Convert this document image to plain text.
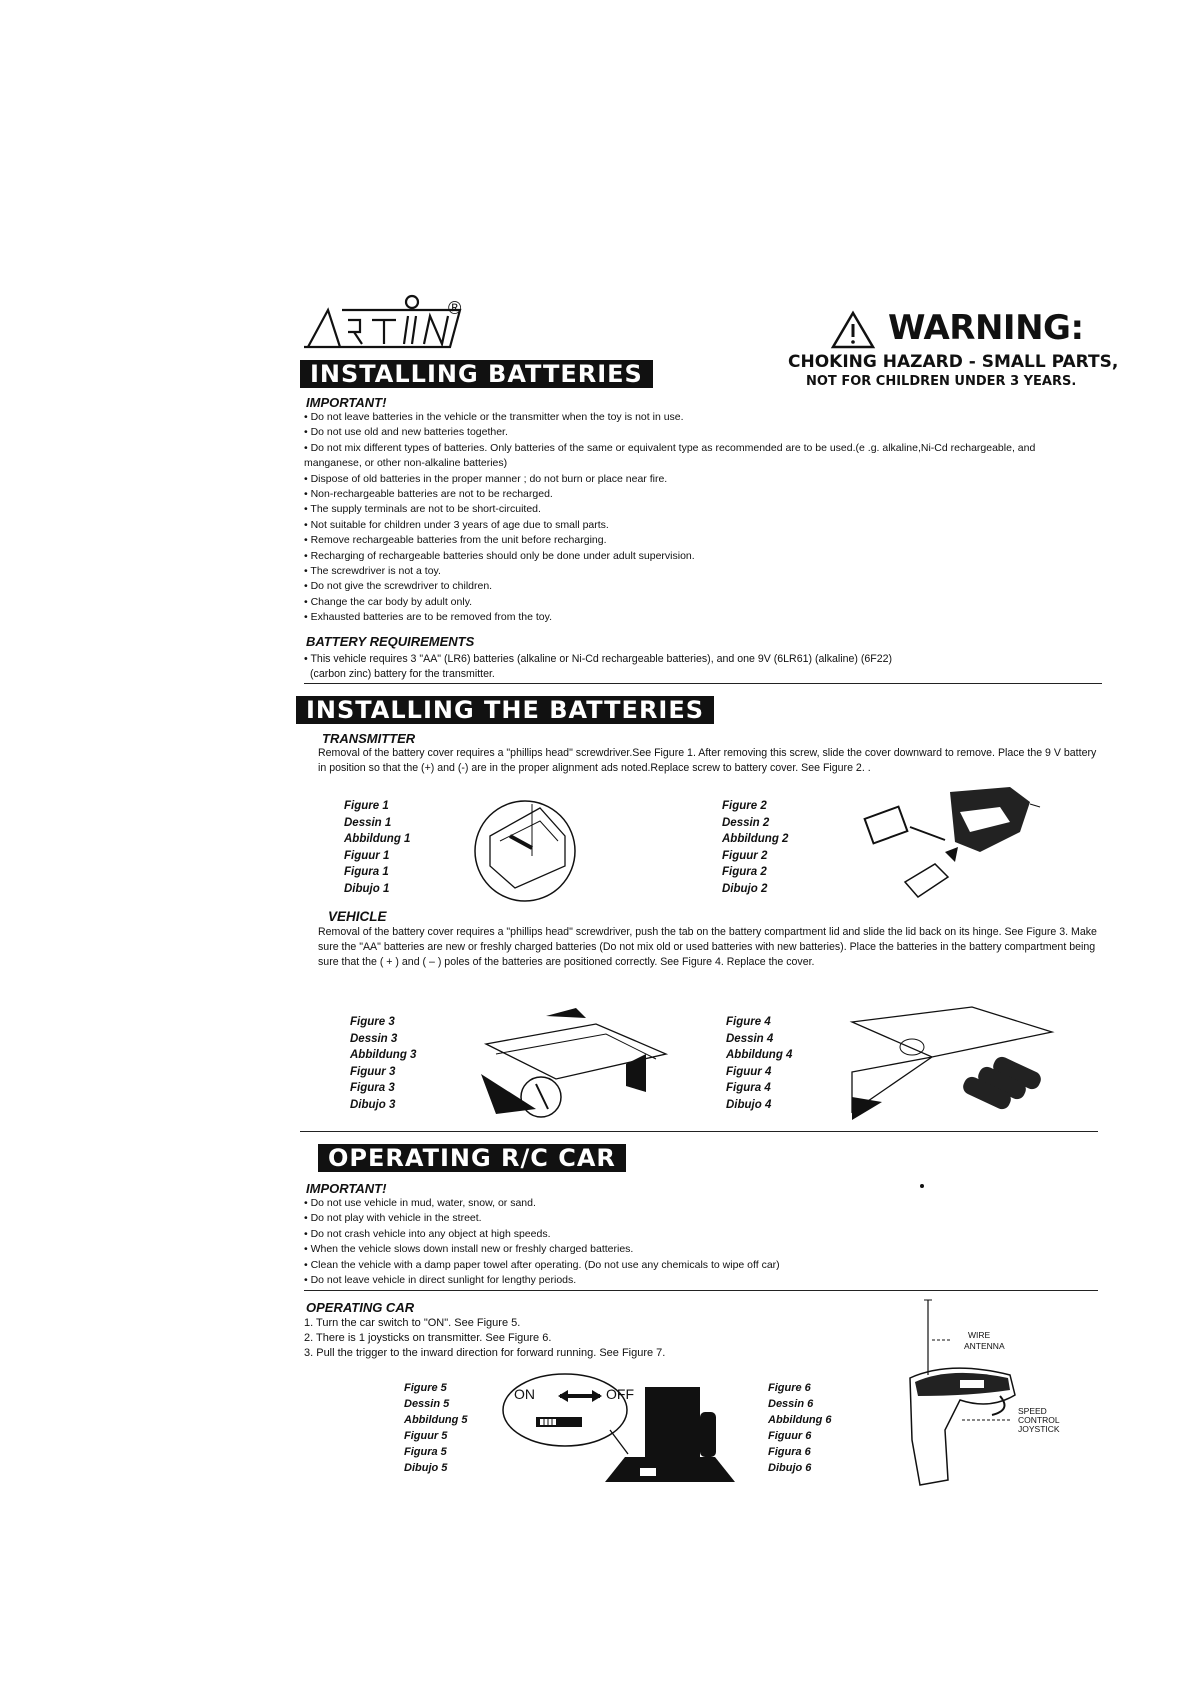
®	WARNING:
CHOKING HAZARD - SMALL PARTS,
NOT FOR CHILDREN UNDER 3 YEARS.
INSTALLING BATTERIES
IMPORTANT!
• Do not leave batteries in the vehicle or the transmitter when the toy is not in use.
• Do not use old and new batteries together.
• Do not mix different types of batteries. Only batteries of the same or equivalent type as recommended are to be used.(e .g. alkaline,Ni-Cd rechargeable, and manganese, or other non-alkaline batteries)
• Dispose of old batteries in the proper manner ; do not burn or place near fire.
• Non-rechargeable batteries are not to be recharged.
• The supply terminals are not to be short-circuited.
• Not suitable for children under 3 years of age due to small parts.
• Remove rechargeable batteries from the unit before recharging.
• Recharging of rechargeable batteries should only be done under adult supervision.
• The screwdriver is not a toy.
• Do not give the screwdriver to children.
• Change the car body by adult only.
• Exhausted batteries are to be removed from the toy.
BATTERY REQUIREMENTS
• This vehicle requires 3 "AA" (LR6) batteries (alkaline or Ni-Cd rechargeable batteries), and one 9V (6LR61) (alkaline) (6F22)
(carbon zinc) battery for the transmitter.
INSTALLING THE BATTERIES
TRANSMITTER
Removal of the battery cover requires a "phillips head" screwdriver.See Figure 1. After removing this screw, slide the cover downward to remove. Place the 9 V battery in position so that the (+) and (-) are in the proper alignment ads noted.Replace screw to battery cover. See Figure 2. .
Figure 1
Dessin 1
Abbildung 1
Figuur 1
Figura 1
Dibujo 1
Figure 2
Dessin 2
Abbildung 2
Figuur 2
Figura 2
Dibujo 2
VEHICLE
Removal of the battery cover requires a "phillips head" screwdriver, push the tab on the battery compartment lid and slide the lid back on its hinge. See Figure 3. Make sure the "AA" batteries are new or freshly charged batteries (Do not mix old or used batteries with new batteries). Place the batteries in the battery compartment being sure that the ( + ) and ( – ) poles of the batteries are positioned correctly. See Figure 4. Replace the cover.
Figure 3
Dessin 3
Abbildung 3
Figuur 3
Figura 3
Dibujo 3
Figure 4
Dessin 4
Abbildung 4
Figuur 4
Figura 4
Dibujo 4
OPERATING R/C CAR
IMPORTANT!
• Do not use vehicle in mud, water, snow, or sand.
• Do not play with vehicle in the street.
• Do not crash vehicle into any object at high speeds.
• When the vehicle slows down install new or freshly charged batteries.
• Clean the vehicle with a damp paper towel after operating. (Do not use any chemicals to wipe off car)
• Do not leave vehicle in direct sunlight for lengthy periods.
OPERATING CAR
1. Turn the car switch to "ON". See Figure 5.
2. There is 1 joysticks on transmitter. See Figure 6.
3. Pull the trigger to the inward direction for forward running. See Figure 7.
Figure 5
Dessin 5
Abbildung 5
Figuur 5
Figura 5
Dibujo 5
ON	OFF	Figure 6
Dessin 6
Abbildung 6
Figuur 6
Figura 6
Dibujo 6
WIRE
ANTENNA
SPEED
CONTROL
JOYSTICK
